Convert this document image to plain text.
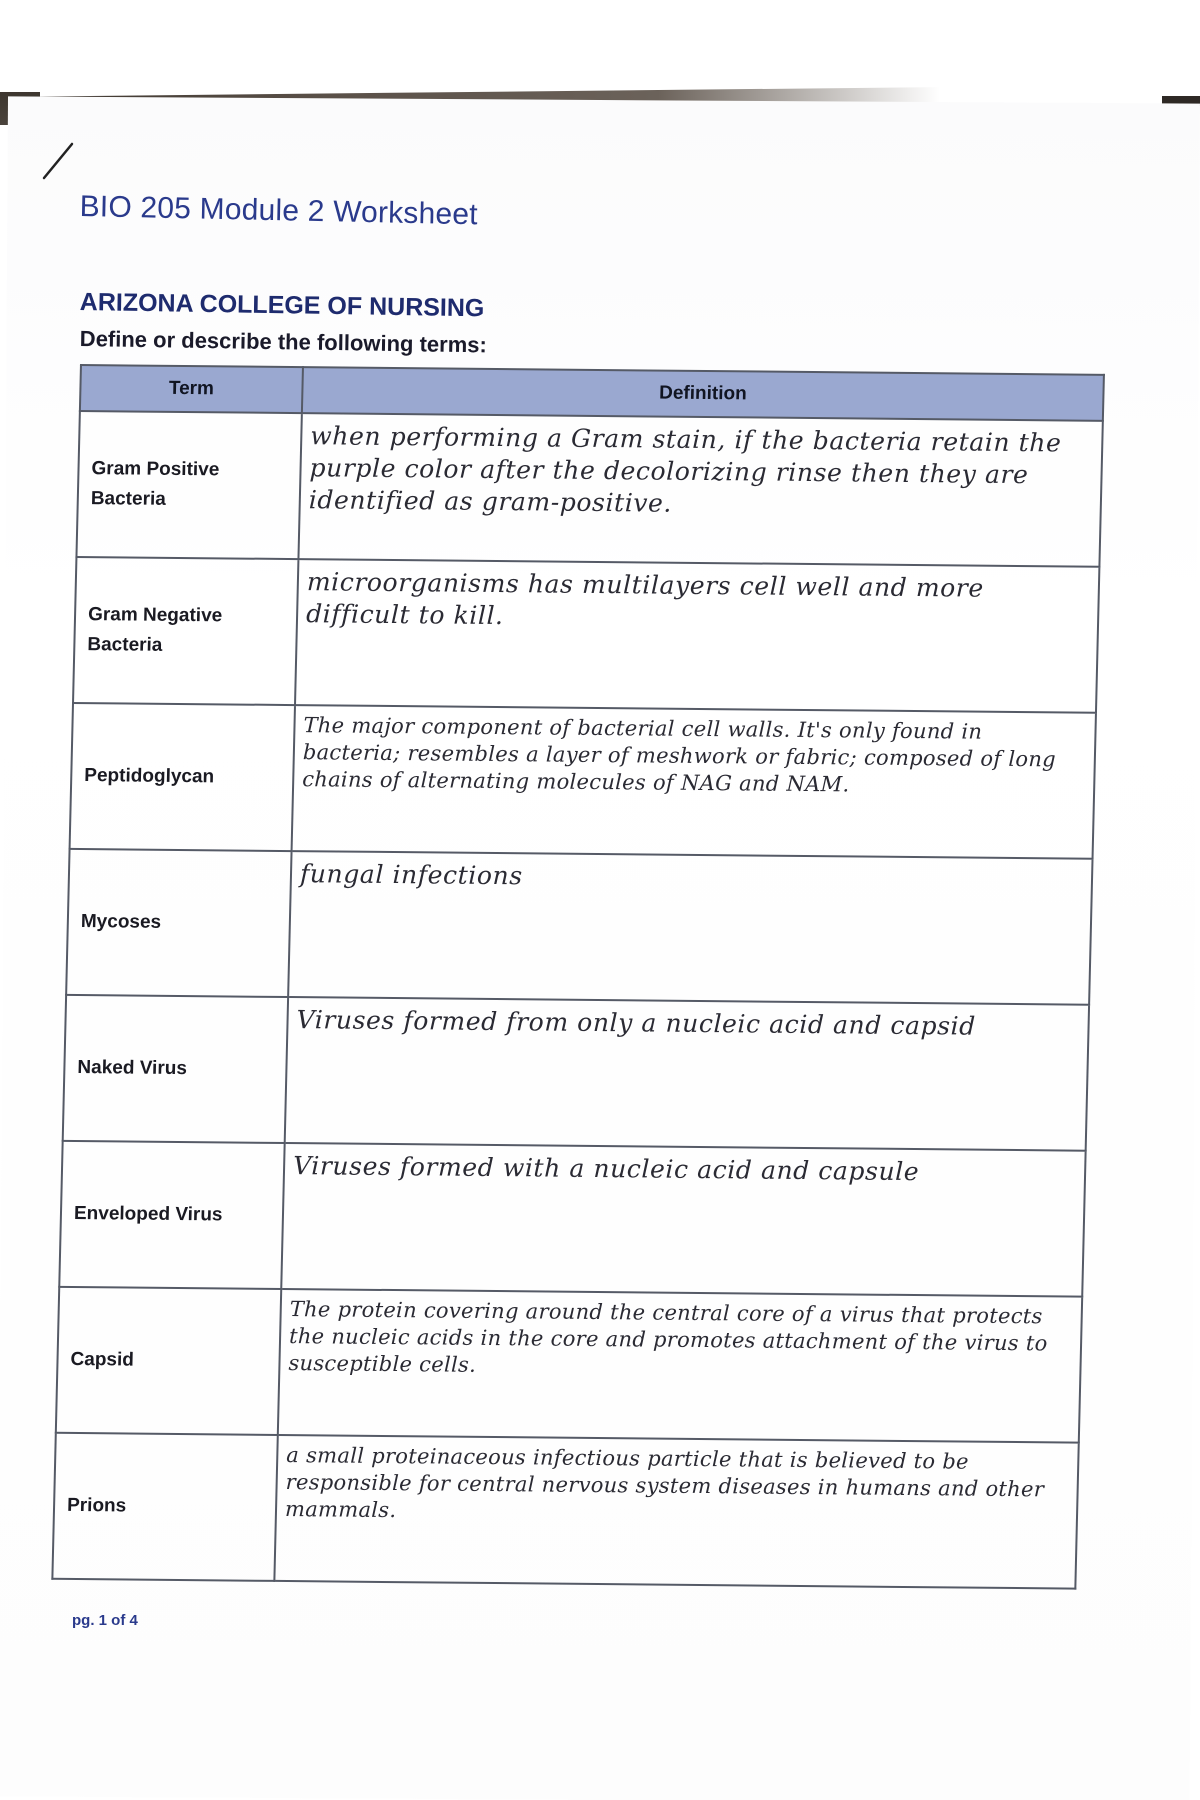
BIO 205 Module 2 Worksheet
ARIZONA COLLEGE OF NURSING
Define or describe the following terms:
Term	Definition
Gram Positive Bacteria	when performing a Gram stain, if the bacteria retain the purple color after the decolorizing rinse then they are identified as gram-positive.
Gram Negative Bacteria	microorganisms has multilayers cell well and more difficult to kill.
Peptidoglycan	The major component of bacterial cell walls. It's only found in bacteria; resembles a layer of meshwork or fabric; composed of long chains of alternating molecules of NAG and NAM.
Mycoses	fungal infections
Naked Virus	Viruses formed from only a nucleic acid and capsid
Enveloped Virus	Viruses formed with a nucleic acid and capsule
Capsid	The protein covering around the central core of a virus that protects the nucleic acids in the core and promotes attachment of the virus to susceptible cells.
Prions	a small proteinaceous infectious particle that is believed to be responsible for central nervous system diseases in humans and other mammals.
pg. 1 of 4
